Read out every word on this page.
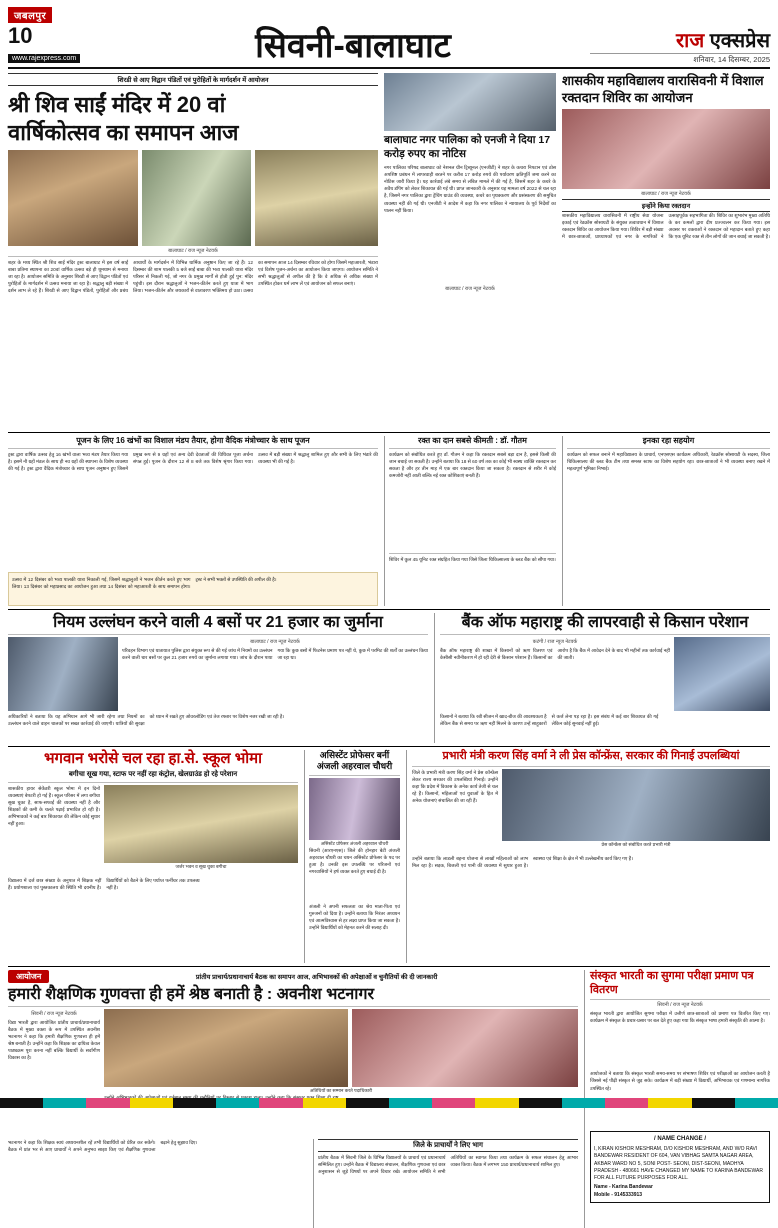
जबलपुर
10
www.rajexpress.com	सिवनी-बालाघाट	राज एक्सप्रेस
शनिवार, 14 दिसम्बर, 2025
शिरडी से आए विद्वान पंडितों एवं पुरोहितों के मार्गदर्शन में आयोजन
श्री शिव साईं मंदिर में 20 वां
वार्षिकोत्सव का समापन आज
बालाघाट / राज न्यूज नेटवर्क
शहर के मध्य स्थित श्री शिव साईं मंदिर ट्रस्ट बालाघाट में इस वर्ष साईं बाबा प्रतिमा स्थापना का 20वां वार्षिक उत्सव बड़े ही धूमधाम से मनाया जा रहा है। आयोजन समिति के अनुसार शिरडी से आए विद्वान पंडितों एवं पुरोहितों के मार्गदर्शन में उत्सव मनाया जा रहा है। श्रद्धालु बड़ी संख्या में दर्शन लाभ ले रहे हैं। शिरडी से आए विद्वान पंडितों, पुरोहितों और प्रबंध आचार्यों के मार्गदर्शन में विभिन्न धार्मिक अनुष्ठान किए जा रहे हैं। 12 दिसम्बर की शाम पालकी 5 बजे साईं बाबा की भव्य पालकी यात्रा मंदिर परिसर से निकली गई, जो नगर के प्रमुख मार्गों से होती हुई पुन: मंदिर पहुंची। इस दौरान श्रद्धालुओं ने भजन-कीर्तन करते हुए यात्रा में भाग लिया। भजन-कीर्तन और जयकारों से वातावरण भक्तिमय हो उठा। उत्सव का समापन आज 14 दिसम्बर रविवार को होगा जिसमें महाआरती, भंडारा एवं विशेष पूजन-अर्चना का आयोजन किया जाएगा। आयोजन समिति ने सभी श्रद्धालुओं से अपील की है कि वे अधिक से अधिक संख्या में उपस्थित होकर धर्म लाभ लें एवं आयोजन को सफल बनाएं।
बालाघाट नगर पालिका को एनजी ने दिया 17 करोड़ रुपए का नोटिस
नगर पालिका परिषद बालाघाट को नेशनल ग्रीन ट्रिब्यूनल (एनजीटी) ने शहर के कचरा निपटान एवं ठोस अपशिष्ट प्रबंधन में लापरवाही बरतने पर करीब 17 करोड़ रुपये की पर्यावरण क्षतिपूर्ति जमा करने का नोटिस जारी किया है। यह कार्रवाई लंबे समय से लंबित मामले में की गई है, जिसमें शहर के कचरे के अवैध डंपिंग को लेकर शिकायत की गई थी। प्राप्त जानकारी के अनुसार यह मामला वर्ष 2022 से चल रहा है, जिसमें नगर पालिका द्वारा ट्रेंचिंग ग्राउंड की व्यवस्था, कचरे का पृथक्करण और प्रसंस्करण की समुचित व्यवस्था नहीं की गई थी। एनजीटी ने आदेश में कहा कि नगर पालिका ने न्यायालय के पूर्व निर्देशों का पालन नहीं किया।
बालाघाट / राज न्यूज नेटवर्क
शासकीय महाविद्यालय वारासिवनी में विशाल रक्तदान शिविर का आयोजन
बालाघाट / राज न्यूज नेटवर्क
इन्होंने किया रक्तदान
शासकीय महाविद्यालय वारासिवनी में राष्ट्रीय सेवा योजना इकाई एवं रेडक्रॉस सोसायटी के संयुक्त तत्वावधान में विशाल रक्तदान शिविर का आयोजन किया गया। शिविर में बड़ी संख्या में छात्र-छात्राओं, प्राध्यापकों एवं नगर के नागरिकों ने उत्साहपूर्वक सहभागिता की। शिविर का शुभारंभ मुख्य अतिथि के कर कमलों द्वारा दीप प्रज्ज्वलन कर किया गया। इस अवसर पर वक्ताओं ने रक्तदान को महादान बताते हुए कहा कि एक यूनिट रक्त से तीन लोगों की जान बचाई जा सकती है।
पूजन के लिए 16 खंभों का विशाल मंडप तैयार, होगा वैदिक मंत्रोच्चार के साथ पूजन
ट्रस्ट द्वारा वार्षिक उत्सव हेतु 16 खंभों वाला भव्य मंडप तैयार किया गया है। इसमें नौ ग्रहों मंडल के साथ ही नव ग्रहों की स्थापना के विशेष व्यवस्था की गई है। ट्रस्ट द्वारा वैदिक मंत्रोच्चार के साथ पूजन अनुष्ठान हुए जिसमें प्रमुख रूप से 9 ग्रहों एवं अन्य देवी देवताओं की विधिवत पूजा अर्चना संपन्न हुई। पूजन के दौरान 12 से 8 बजे तक विशेष श्रृंगार किया गया। उत्सव में बड़ी संख्या में श्रद्धालु शामिल हुए और सभी के लिए भंडारे की व्यवस्था भी की गई है।
उत्सव में 12 दिसंबर को भव्य पालकी यात्रा निकाली गई, जिसमें श्रद्धालुओं ने भजन कीर्तन करते हुए भाग लिया। 13 दिसंबर को महाप्रसाद का आयोजन हुआ तथा 14 दिसंबर को महाआरती के साथ समापन होगा। ट्रस्ट ने सभी भक्तों से उपस्थिति की अपील की है।
रक्त का दान सबसे कीमती : डॉ. गौतम
कार्यक्रम को संबोधित करते हुए डॉ. गौतम ने कहा कि रक्तदान सबसे बड़ा दान है, इससे किसी की जान बचाई जा सकती है। उन्होंने बताया कि 18 से 60 वर्ष तक का कोई भी स्वस्थ व्यक्ति रक्तदान कर सकता है और हर तीन माह में एक बार रक्तदान किया जा सकता है। रक्तदान से शरीर में कोई कमजोरी नहीं आती बल्कि नई रक्त कोशिकाएं बनती हैं।
शिविर में कुल 45 यूनिट रक्त संग्रहित किया गया जिसे जिला चिकित्सालय के ब्लड बैंक को सौंपा गया।
इनका रहा सहयोग
कार्यक्रम को सफल बनाने में महाविद्यालय के प्राचार्य, एनएसएस कार्यक्रम अधिकारी, रेडक्रॉस सोसायटी के सदस्य, जिला चिकित्सालय की ब्लड बैंक टीम तथा समस्त स्टाफ का विशेष सहयोग रहा। छात्र-छात्राओं ने भी व्यवस्था बनाए रखने में महत्वपूर्ण भूमिका निभाई।
नियम उल्लंघन करने वाली 4 बसों पर 21 हजार का जुर्माना
बालाघाट / राज न्यूज नेटवर्क
परिवहन विभाग एवं यातायात पुलिस द्वारा संयुक्त रूप से की गई जांच में नियमों का उल्लंघन करने वाली चार बसों पर कुल 21 हजार रुपये का जुर्माना लगाया गया। जांच के दौरान पाया गया कि कुछ बसों में फिटनेस प्रमाण पत्र नहीं थे, कुछ में परमिट की शर्तों का उल्लंघन किया जा रहा था।
अधिकारियों ने बताया कि यह अभियान आगे भी जारी रहेगा तथा नियमों का उल्लंघन करने वाले वाहन चालकों पर सख्त कार्रवाई की जाएगी। यात्रियों की सुरक्षा को ध्यान में रखते हुए ओवरलोडिंग एवं तेज रफ्तार पर विशेष नजर रखी जा रही है।
बैंक ऑफ महाराष्ट्र की लापरवाही से किसान परेशान
कटंगी / राज न्यूज नेटवर्क
बैंक ऑफ महाराष्ट्र की शाखा में किसानों को ऋण वितरण एवं केसीसी नवीनीकरण में हो रही देरी से किसान परेशान हैं। किसानों का आरोप है कि बैंक में आवेदन देने के बाद भी महीनों तक कार्रवाई नहीं की जाती।
किसानों ने बताया कि रबी सीजन में खाद-बीज की आवश्यकता है लेकिन बैंक से समय पर ऋण नहीं मिलने के कारण उन्हें साहूकारों से कर्ज लेना पड़ रहा है। इस संबंध में कई बार शिकायत की गई लेकिन कोई सुनवाई नहीं हुई।
भगवान भरोसे चल रहा हा.से. स्कूल भोमा
बगीचा सूख गया, स्टाफ पर नहीं रहा कंट्रोल, खेलग्राउंड हो रहे परेशान
शासकीय हायर सेकेंडरी स्कूल भोमा में इन दिनों व्यवस्थाएं बेपटरी हो गई हैं। स्कूल परिसर में लगा बगीचा सूख चुका है, साफ-सफाई की व्यवस्था नहीं है और शिक्षकों की कमी के चलते पढ़ाई प्रभावित हो रही है। अभिभावकों ने कई बार शिकायत की लेकिन कोई सुधार नहीं हुआ।
जर्जर भवन व सूख चुका बगीचा
विद्यालय में दर्ज छात्र संख्या के अनुपात में शिक्षक नहीं हैं। प्रयोगशाला एवं पुस्तकालय की स्थिति भी दयनीय है। विद्यार्थियों को बैठने के लिए पर्याप्त फर्नीचर तक उपलब्ध नहीं है।
असिस्टेंट प्रोफेसर बनीं अंजली अहरवाल चौधरी
असिस्टेंट प्रोफेसर अंजली अहरवाल चौधरी
सिवनी (आरएनएस)। जिले की होनहार बेटी अंजली अहरवाल चौधरी का चयन असिस्टेंट प्रोफेसर के पद पर हुआ है। उनकी इस उपलब्धि पर परिजनों एवं नगरवासियों ने हर्ष व्यक्त करते हुए बधाई दी है।
अंजली ने अपनी सफलता का श्रेय माता-पिता एवं गुरुजनों को दिया है। उन्होंने बताया कि निरंतर अध्ययन एवं आत्मविश्वास से हर लक्ष्य प्राप्त किया जा सकता है। उन्होंने विद्यार्थियों को मेहनत करने की सलाह दी।
प्रभारी मंत्री करण सिंह वर्मा ने ली प्रेस कॉन्फ्रेंस, सरकार की गिनाई उपलब्धियां
जिले के प्रभारी मंत्री करण सिंह वर्मा ने प्रेस कॉन्फ्रेंस लेकर राज्य सरकार की उपलब्धियां गिनाईं। उन्होंने कहा कि प्रदेश में विकास के अनेक कार्य तेजी से चल रहे हैं। किसानों, महिलाओं एवं युवाओं के हित में अनेक योजनाएं संचालित की जा रही हैं।
प्रेस कॉन्फ्रेंस को संबोधित करते प्रभारी मंत्री
उन्होंने बताया कि लाडली बहना योजना से लाखों महिलाओं को लाभ मिल रहा है। सड़क, बिजली एवं पानी की व्यवस्था में सुधार हुआ है। स्वास्थ्य एवं शिक्षा के क्षेत्र में भी उल्लेखनीय कार्य किए गए हैं।
आयोजन	प्रांतीय प्राचार्य/प्रधानाचार्य बैठक का समापन आज, अभिभावकों की अपेक्षाओं व चुनौतियों की दी जानकारी
हमारी शैक्षणिक गुणवत्ता ही हमें श्रेष्ठ बनाती है : अवनीश भटनागर
सिवनी / राज न्यूज नेटवर्क
विद्या भारती द्वारा आयोजित प्रांतीय प्राचार्य/प्रधानाचार्य बैठक में मुख्य वक्ता के रूप में उपस्थित अवनीश भटनागर ने कहा कि हमारी शैक्षणिक गुणवत्ता ही हमें श्रेष्ठ बनाती है। उन्होंने कहा कि शिक्षक का दायित्व केवल पाठ्यक्रम पूरा करना नहीं बल्कि विद्यार्थी के सर्वांगीण विकास का है।
अतिथियों का सम्मान करते पदाधिकारी
भटनागर ने कहा कि शिक्षक स्वयं अध्ययनशील रहें तभी विद्यार्थियों को प्रेरित कर सकेंगे। बैठक में प्रांत भर से आए प्राचार्यों ने अपने अनुभव साझा किए एवं शैक्षणिक गुणवत्ता बढ़ाने हेतु सुझाव दिए।	जिले के प्राचार्यों ने लिए भाग
प्रांतीय बैठक में सिवनी जिले के विभिन्न विद्यालयों के प्राचार्य एवं प्रधानाचार्य सम्मिलित हुए। उन्होंने बैठक में विद्यालय संचालन, शैक्षणिक गुणवत्ता एवं छात्र अनुशासन से जुड़े विषयों पर अपने विचार रखे। आयोजन समिति ने सभी अतिथियों का स्वागत किया तथा कार्यक्रम के सफल संचालन हेतु आभार व्यक्त किया। बैठक में लगभग 150 प्राचार्य/प्रधानाचार्य शामिल हुए।
संस्कृत भारती का सुगमा परीक्षा प्रमाण पत्र वितरण
सिवनी / राज न्यूज नेटवर्क
संस्कृत भारती द्वारा आयोजित सुगमा परीक्षा में उत्तीर्ण छात्र-छात्राओं को प्रमाण पत्र वितरित किए गए। कार्यक्रम में संस्कृत के प्रचार-प्रसार पर बल देते हुए कहा गया कि संस्कृत भाषा हमारी संस्कृति की आत्मा है।
आयोजकों ने बताया कि संस्कृत भारती समय-समय पर संभाषण शिविर एवं परीक्षाओं का आयोजन करती है जिससे नई पीढ़ी संस्कृत से जुड़ सके। कार्यक्रम में बड़ी संख्या में विद्यार्थी, अभिभावक एवं गणमान्य नागरिक उपस्थित रहे।
/ NAME CHANGE /
I, KIRAN KISHOR MESHRAM, D/O KISHOR MESHRAM, AND W/O RAVI BANDEWAR RESIDENT OF 604, VAN VIBHAG SAMTA NAGAR AREA, AKBAR WARD NO 5, SONI POST- SEONI, DIST-SEONI, MADHYA PRADESH - 480661 HAVE CHANGED MY NAME TO KARINA BANDEWAR FOR ALL FUTURE PURPOSES FOR ALL.
Name - Karina Bandewar
Mobile - 9145333913
